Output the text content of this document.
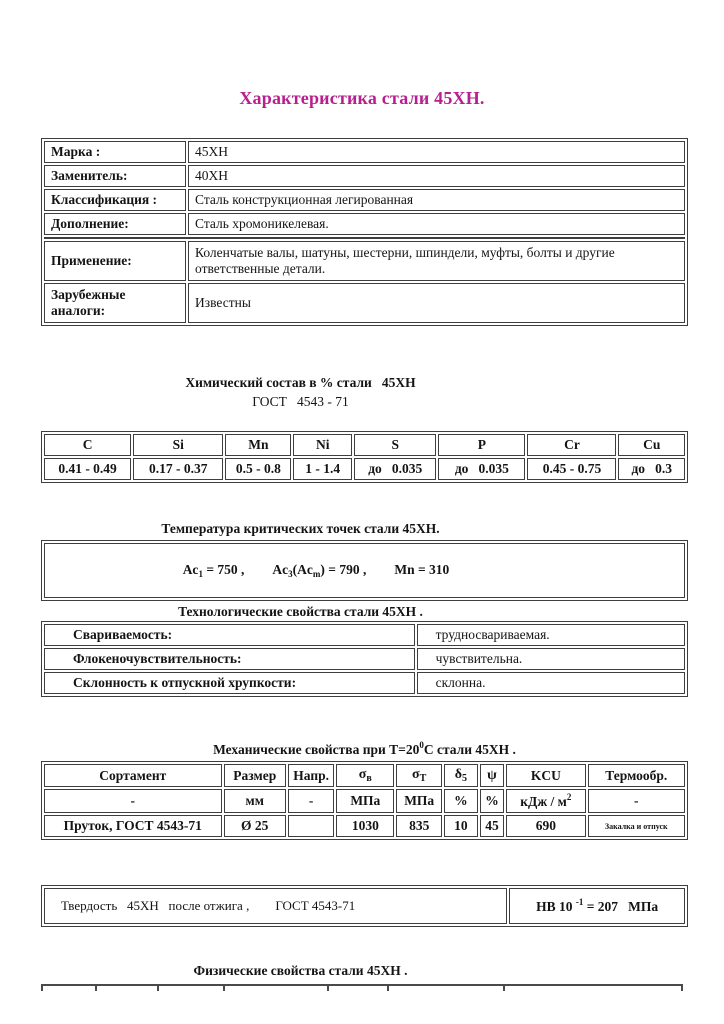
Характеристика стали 45ХН.
Марка :	45ХН
Заменитель:	40ХН
Классификация :	Сталь конструкционная легированная
Дополнение:	Сталь хромоникелевая.

Применение:	Коленчатые валы, шатуны, шестерни, шпиндели, муфты, болты и другие ответственные детали.
Зарубежные аналоги:	Известны
Химический состав в % стали   45ХН
ГОСТ   4543 - 71
C	Si	Mn	Ni	S	P	Cr	Cu
0.41 - 0.49	0.17 - 0.37	0.5 - 0.8	1 - 1.4	до   0.035	до   0.035	0.45 - 0.75	до   0.3
Температура критических точек стали 45ХН.

$Ac_1 = 750$ , $Ac_3(Ac_m) = 790$ , Mn = 310

Технологические свойства стали 45ХН .
Свариваемость:	трудносвариваемая.
Флокеночувствительность:	чувствительна.
Склонность к отпускной хрупкости:	склонна.
Механические свойства при $Т=20^0С$ стали 45ХН .
Сортамент	Размер	Напр.	$\sigma_в$	$\sigma_Т$	$\delta_5$	ψ	KCU	Термообр.
-	мм	-	МПа	МПа	%	%	кДж / $м^2$	-
Пруток, ГОСТ 4543-71	Ø 25		1030	835	10	45	690	Закалка и отпуск
Твердость   45ХН   после отжига ,        ГОСТ 4543-71	HB 10 $^{-1}$ = 207   МПа
Физические свойства стали 45ХН .
